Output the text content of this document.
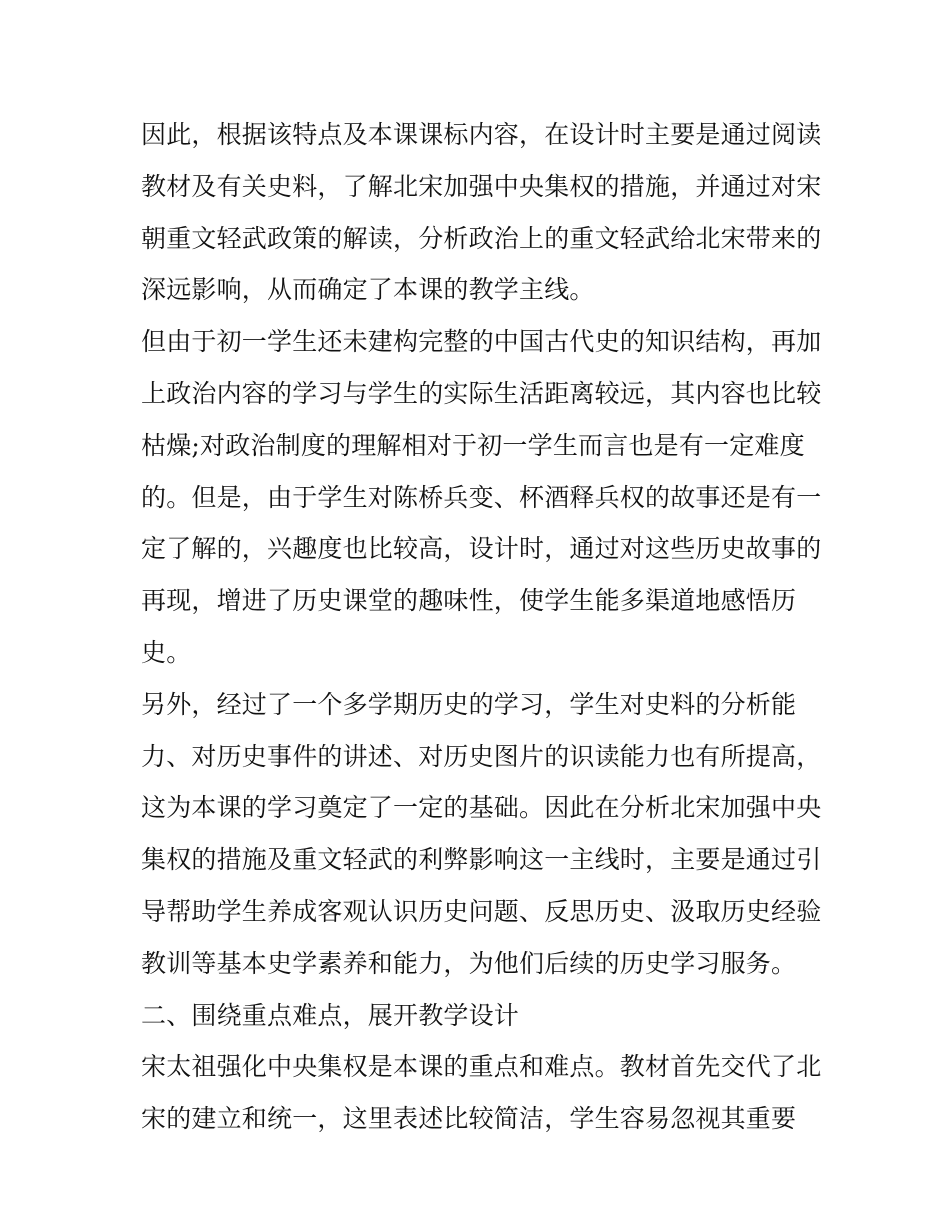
因此，根据该特点及本课课标内容，在设计时主要是通过阅读
教材及有关史料，了解北宋加强中央集权的措施，并通过对宋
朝重文轻武政策的解读，分析政治上的重文轻武给北宋带来的
深远影响，从而确定了本课的教学主线。
但由于初一学生还未建构完整的中国古代史的知识结构，再加
上政治内容的学习与学生的实际生活距离较远，其内容也比较
枯燥;对政治制度的理解相对于初一学生而言也是有一定难度
的。但是，由于学生对陈桥兵变、杯酒释兵权的故事还是有一
定了解的，兴趣度也比较高，设计时，通过对这些历史故事的
再现，增进了历史课堂的趣味性，使学生能多渠道地感悟历
史。
另外，经过了一个多学期历史的学习，学生对史料的分析能
力、对历史事件的讲述、对历史图片的识读能力也有所提高，
这为本课的学习奠定了一定的基础。因此在分析北宋加强中央
集权的措施及重文轻武的利弊影响这一主线时，主要是通过引
导帮助学生养成客观认识历史问题、反思历史、汲取历史经验
教训等基本史学素养和能力，为他们后续的历史学习服务。
二、围绕重点难点，展开教学设计
宋太祖强化中央集权是本课的重点和难点。教材首先交代了北
宋的建立和统一，这里表述比较简洁，学生容易忽视其重要
